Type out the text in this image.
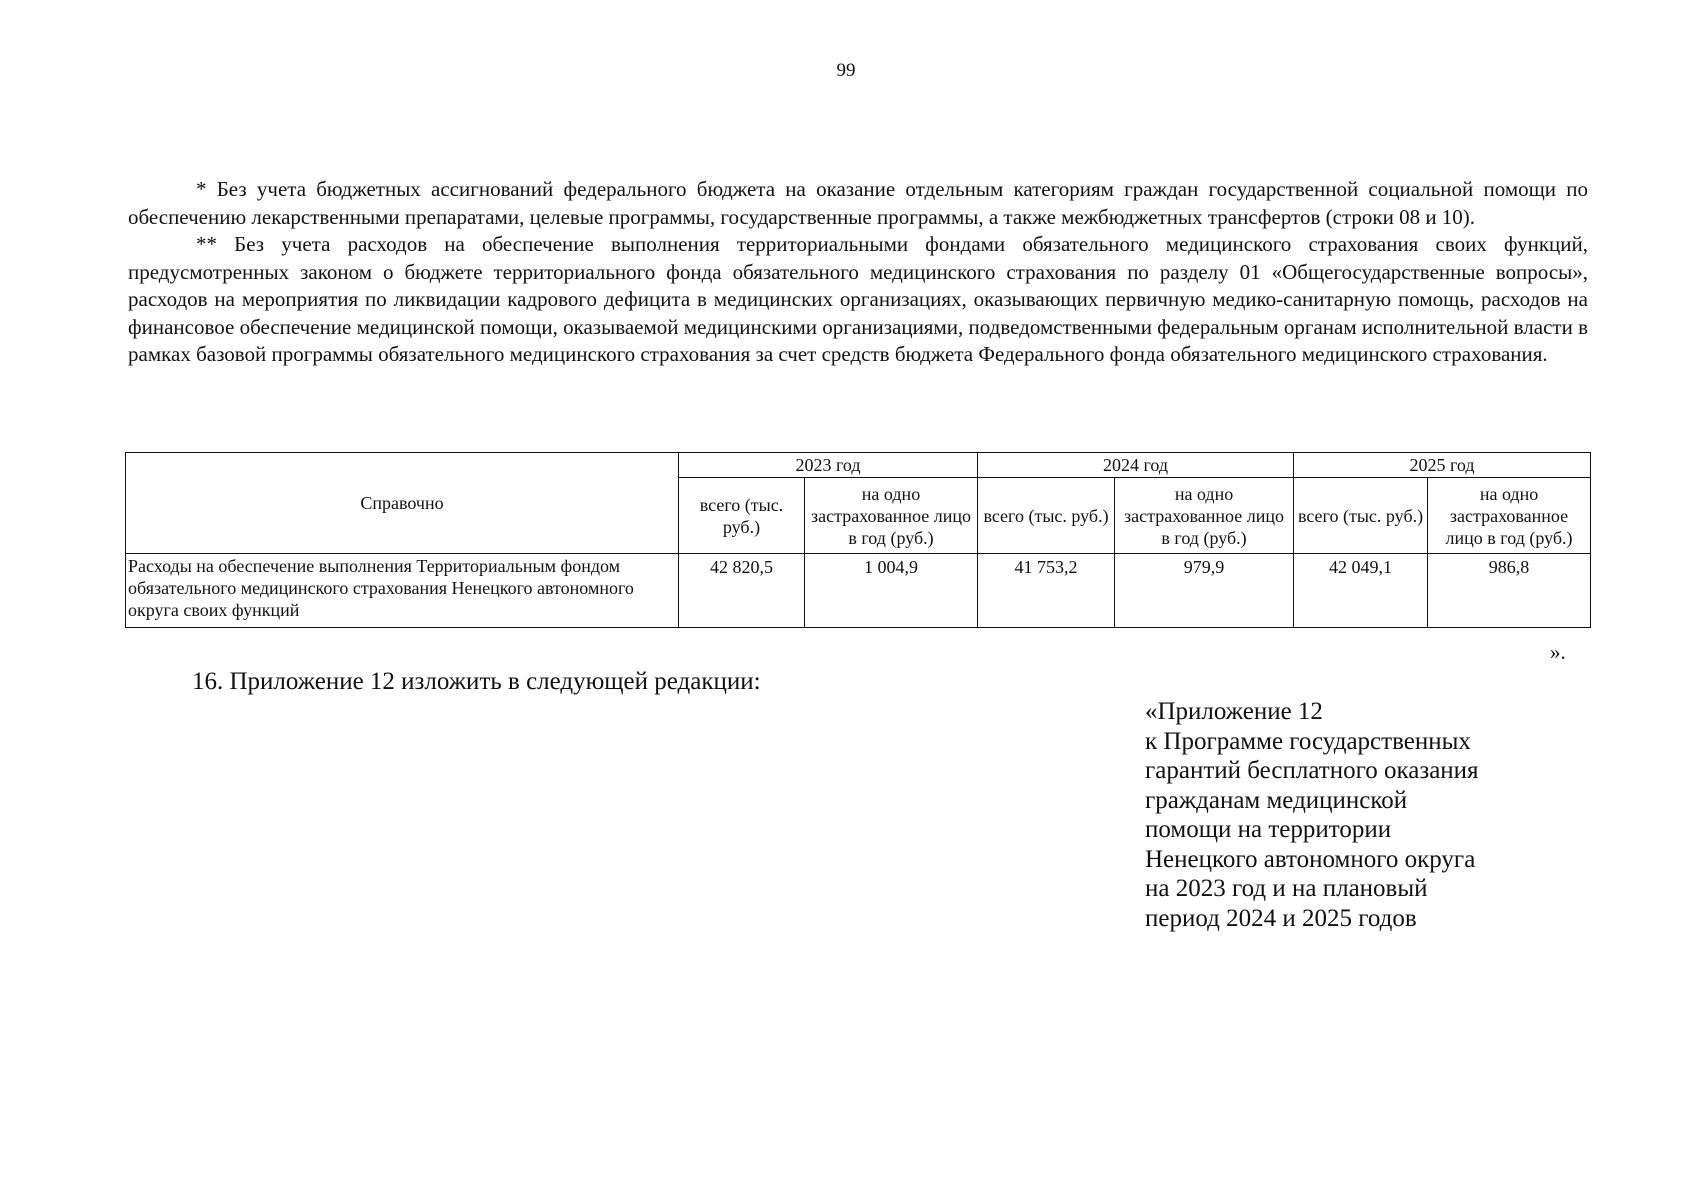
99

* Без учета бюджетных ассигнований федерального бюджета на оказание отдельным категориям граждан государственной социальной помощи по обеспечению лекарственными препаратами, целевые программы, государственные программы, а также межбюджетных трансфертов (строки 08 и 10).

** Без учета расходов на обеспечение выполнения территориальными фондами обязательного медицинского страхования своих функций, предусмотренных законом о бюджете территориального фонда обязательного медицинского страхования по разделу 01 «Общегосударственные вопросы», расходов на мероприятия по ликвидации кадрового дефицита в медицинских организациях, оказывающих первичную медико-санитарную помощь, расходов на финансовое обеспечение медицинской помощи, оказываемой медицинскими организациями, подведомственными федеральным органам исполнительной власти в рамках базовой программы обязательного медицинского страхования за счет средств бюджета Федерального фонда обязательного медицинского страхования.

Справочно	2023 год		2024 год		2025 год	
	всего (тыс. руб.)	на одно застрахованное лицо в год (руб.)	всего (тыс. руб.)	на одно застрахованное лицо в год (руб.)	всего (тыс. руб.)	на одно застрахованное лицо в год (руб.)
Расходы на обеспечение выполнения Территориальным фондом обязательного медицинского страхования Ненецкого автономного округа своих функций	42 820,5	1 004,9	41 753,2	979,9	42 049,1	986,8
».
16. Приложение 12 изложить в следующей редакции:
«Приложение 12
к Программе государственных
гарантий бесплатного оказания
гражданам медицинской
помощи на территории
Ненецкого автономного округа
на 2023 год и на плановый
период 2024 и 2025 годов
